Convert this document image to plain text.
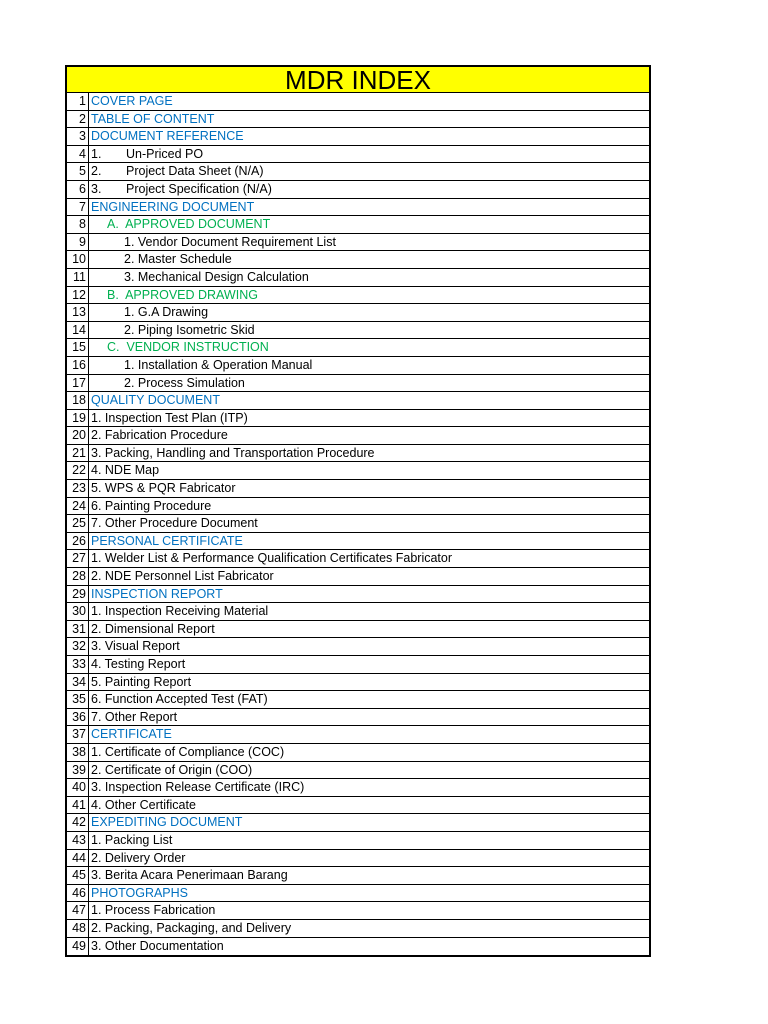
MDR INDEX
1 COVER PAGE
2 TABLE OF CONTENT
3 DOCUMENT REFERENCE
4 1. Un-Priced PO
5 2. Project Data Sheet (N/A)
6 3. Project Specification (N/A)
7 ENGINEERING DOCUMENT
8	A.  APPROVED DOCUMENT
9	1. Vendor Document Requirement List
10	2. Master Schedule
11	3. Mechanical Design Calculation
12	B.  APPROVED DRAWING
13	1. G.A Drawing
14	2. Piping Isometric Skid
15	C.  VENDOR INSTRUCTION
16	1. Installation & Operation Manual
17	2. Process Simulation
18 QUALITY DOCUMENT
19 1. Inspection Test Plan (ITP)
20 2. Fabrication Procedure
21 3. Packing, Handling and Transportation Procedure
22 4. NDE Map
23 5. WPS & PQR Fabricator
24 6. Painting Procedure
25 7. Other Procedure Document
26 PERSONAL CERTIFICATE
27 1. Welder List & Performance Qualification Certificates Fabricator
28 2. NDE Personnel List Fabricator
29 INSPECTION REPORT
30 1. Inspection Receiving Material
31 2. Dimensional Report
32 3. Visual Report
33 4. Testing Report
34 5. Painting Report
35 6. Function Accepted Test (FAT)
36 7. Other Report
37 CERTIFICATE
38 1. Certificate of Compliance (COC)
39 2. Certificate of Origin (COO)
40 3. Inspection Release Certificate (IRC)
41 4. Other Certificate
42 EXPEDITING DOCUMENT
43 1. Packing List
44 2. Delivery Order
45 3. Berita Acara Penerimaan Barang
46 PHOTOGRAPHS
47 1. Process Fabrication
48 2. Packing, Packaging, and Delivery
49 3. Other Documentation
